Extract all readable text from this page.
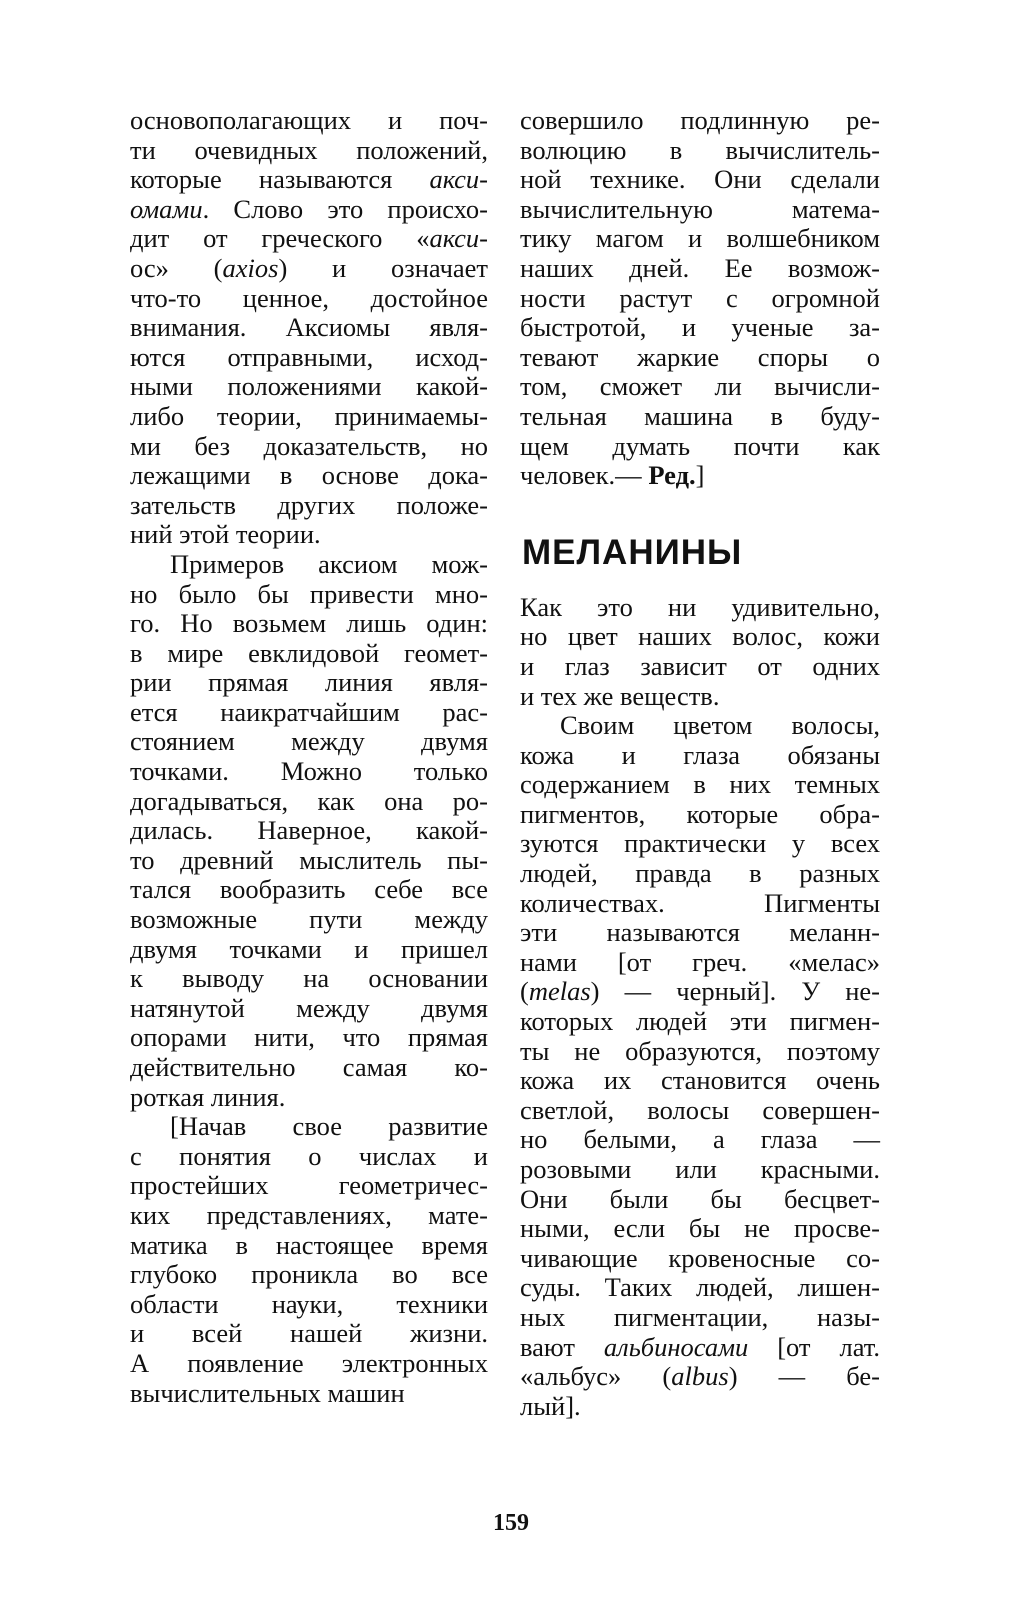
основополагающих и поч-
ти очевидных положений,
которые называются акси-
омами. Слово это происхо-
дит от греческого «акси-
ос» (axios) и означает
что-то ценное, достойное
внимания. Аксиомы явля-
ются отправными, исход-
ными положениями какой-
либо теории, принимаемы-
ми без доказательств, но
лежащими в основе дока-
зательств других положе-
ний этой теории.
Примеров аксиом мож-
но было бы привести мно-
го. Но возьмем лишь один:
в мире евклидовой геомет-
рии прямая линия явля-
ется наикратчайшим рас-
стоянием между двумя
точками. Можно только
догадываться, как она ро-
дилась. Наверное, какой-
то древний мыслитель пы-
тался вообразить себе все
возможные пути между
двумя точками и пришел
к выводу на основании
натянутой между двумя
опорами нити, что прямая
действительно самая ко-
роткая линия.
[Начав свое развитие
с понятия о числах и
простейших геометричес-
ких представлениях, мате-
матика в настоящее время
глубоко проникла во все
области науки, техники
и всей нашей жизни.
А появление электронных
вычислительных машин
совершило подлинную ре-
волюцию в вычислитель-
ной технике. Они сделали
вычислительную матема-
тику магом и волшебником
наших дней. Ее возмож-
ности растут с огромной
быстротой, и ученые за-
тевают жаркие споры о
том, сможет ли вычисли-
тельная машина в буду-
щем думать почти как
человек.— Ред.]
МЕЛАНИНЫ
Как это ни удивительно,
но цвет наших волос, кожи
и глаз зависит от одних
и тех же веществ.
Своим цветом волосы,
кожа и глаза обязаны
содержанием в них темных
пигментов, которые обра-
зуются практически у всех
людей, правда в разных
количествах. Пигменты
эти называются меланн-
нами [от греч. «мелас»
(melas) — черный]. У не-
которых людей эти пигмен-
ты не образуются, поэтому
кожа их становится очень
светлой, волосы совершен-
но белыми, а глаза —
розовыми или красными.
Они были бы бесцвет-
ными, если бы не просве-
чивающие кровеносные со-
суды. Таких людей, лишен-
ных пигментации, назы-
вают альбиносами [от лат.
«альбус» (albus) — бе-
лый].
159
